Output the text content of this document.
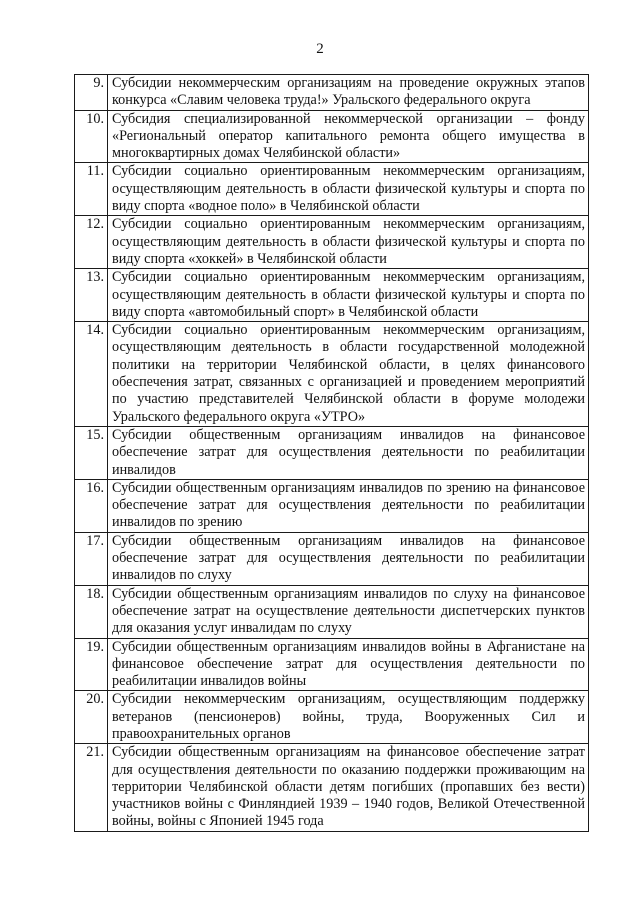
2
9.	Субсидии некоммерческим организациям на проведение окружных этапов конкурса «Славим человека труда!» Уральского федерального округа
10.	Субсидия специализированной некоммерческой организации – фонду «Региональный оператор капитального ремонта общего имущества в многоквартирных домах Челябинской области»
11.	Субсидии социально ориентированным некоммерческим организациям, осуществляющим деятельность в области физической культуры и спорта по виду спорта «водное поло» в Челябинской области
12.	Субсидии социально ориентированным некоммерческим организациям, осуществляющим деятельность в области физической культуры и спорта по виду спорта «хоккей» в Челябинской области
13.	Субсидии социально ориентированным некоммерческим организациям, осуществляющим деятельность в области физической культуры и спорта по виду спорта «автомобильный спорт» в Челябинской области
14.	Субсидии социально ориентированным некоммерческим организациям, осуществляющим деятельность в области государственной молодежной политики на территории Челябинской области, в целях финансового обеспечения затрат, связанных с организацией и проведением мероприятий по участию представителей Челябинской области в форуме молодежи Уральского федерального округа «УТРО»
15.	Субсидии общественным организациям инвалидов на финансовое обеспечение затрат для осуществления деятельности по реабилитации инвалидов
16.	Субсидии общественным организациям инвалидов по зрению на финансовое обеспечение затрат для осуществления деятельности по реабилитации инвалидов по зрению
17.	Субсидии общественным организациям инвалидов на финансовое обеспечение затрат для осуществления деятельности по реабилитации инвалидов по слуху
18.	Субсидии общественным организациям инвалидов по слуху на финансовое обеспечение затрат на осуществление деятельности диспетчерских пунктов для оказания услуг инвалидам по слуху
19.	Субсидии общественным организациям инвалидов войны в Афганистане на финансовое обеспечение затрат для осуществления деятельности по реабилитации инвалидов войны
20.	Субсидии некоммерческим организациям, осуществляющим поддержку ветеранов (пенсионеров) войны, труда, Вооруженных Сил и правоохранительных органов
21.	Субсидии общественным организациям на финансовое обеспечение затрат для осуществления деятельности по оказанию поддержки проживающим на территории Челябинской области детям погибших (пропавших без вести) участников войны с Финляндией 1939 – 1940 годов, Великой Отечественной войны, войны с Японией 1945 года
